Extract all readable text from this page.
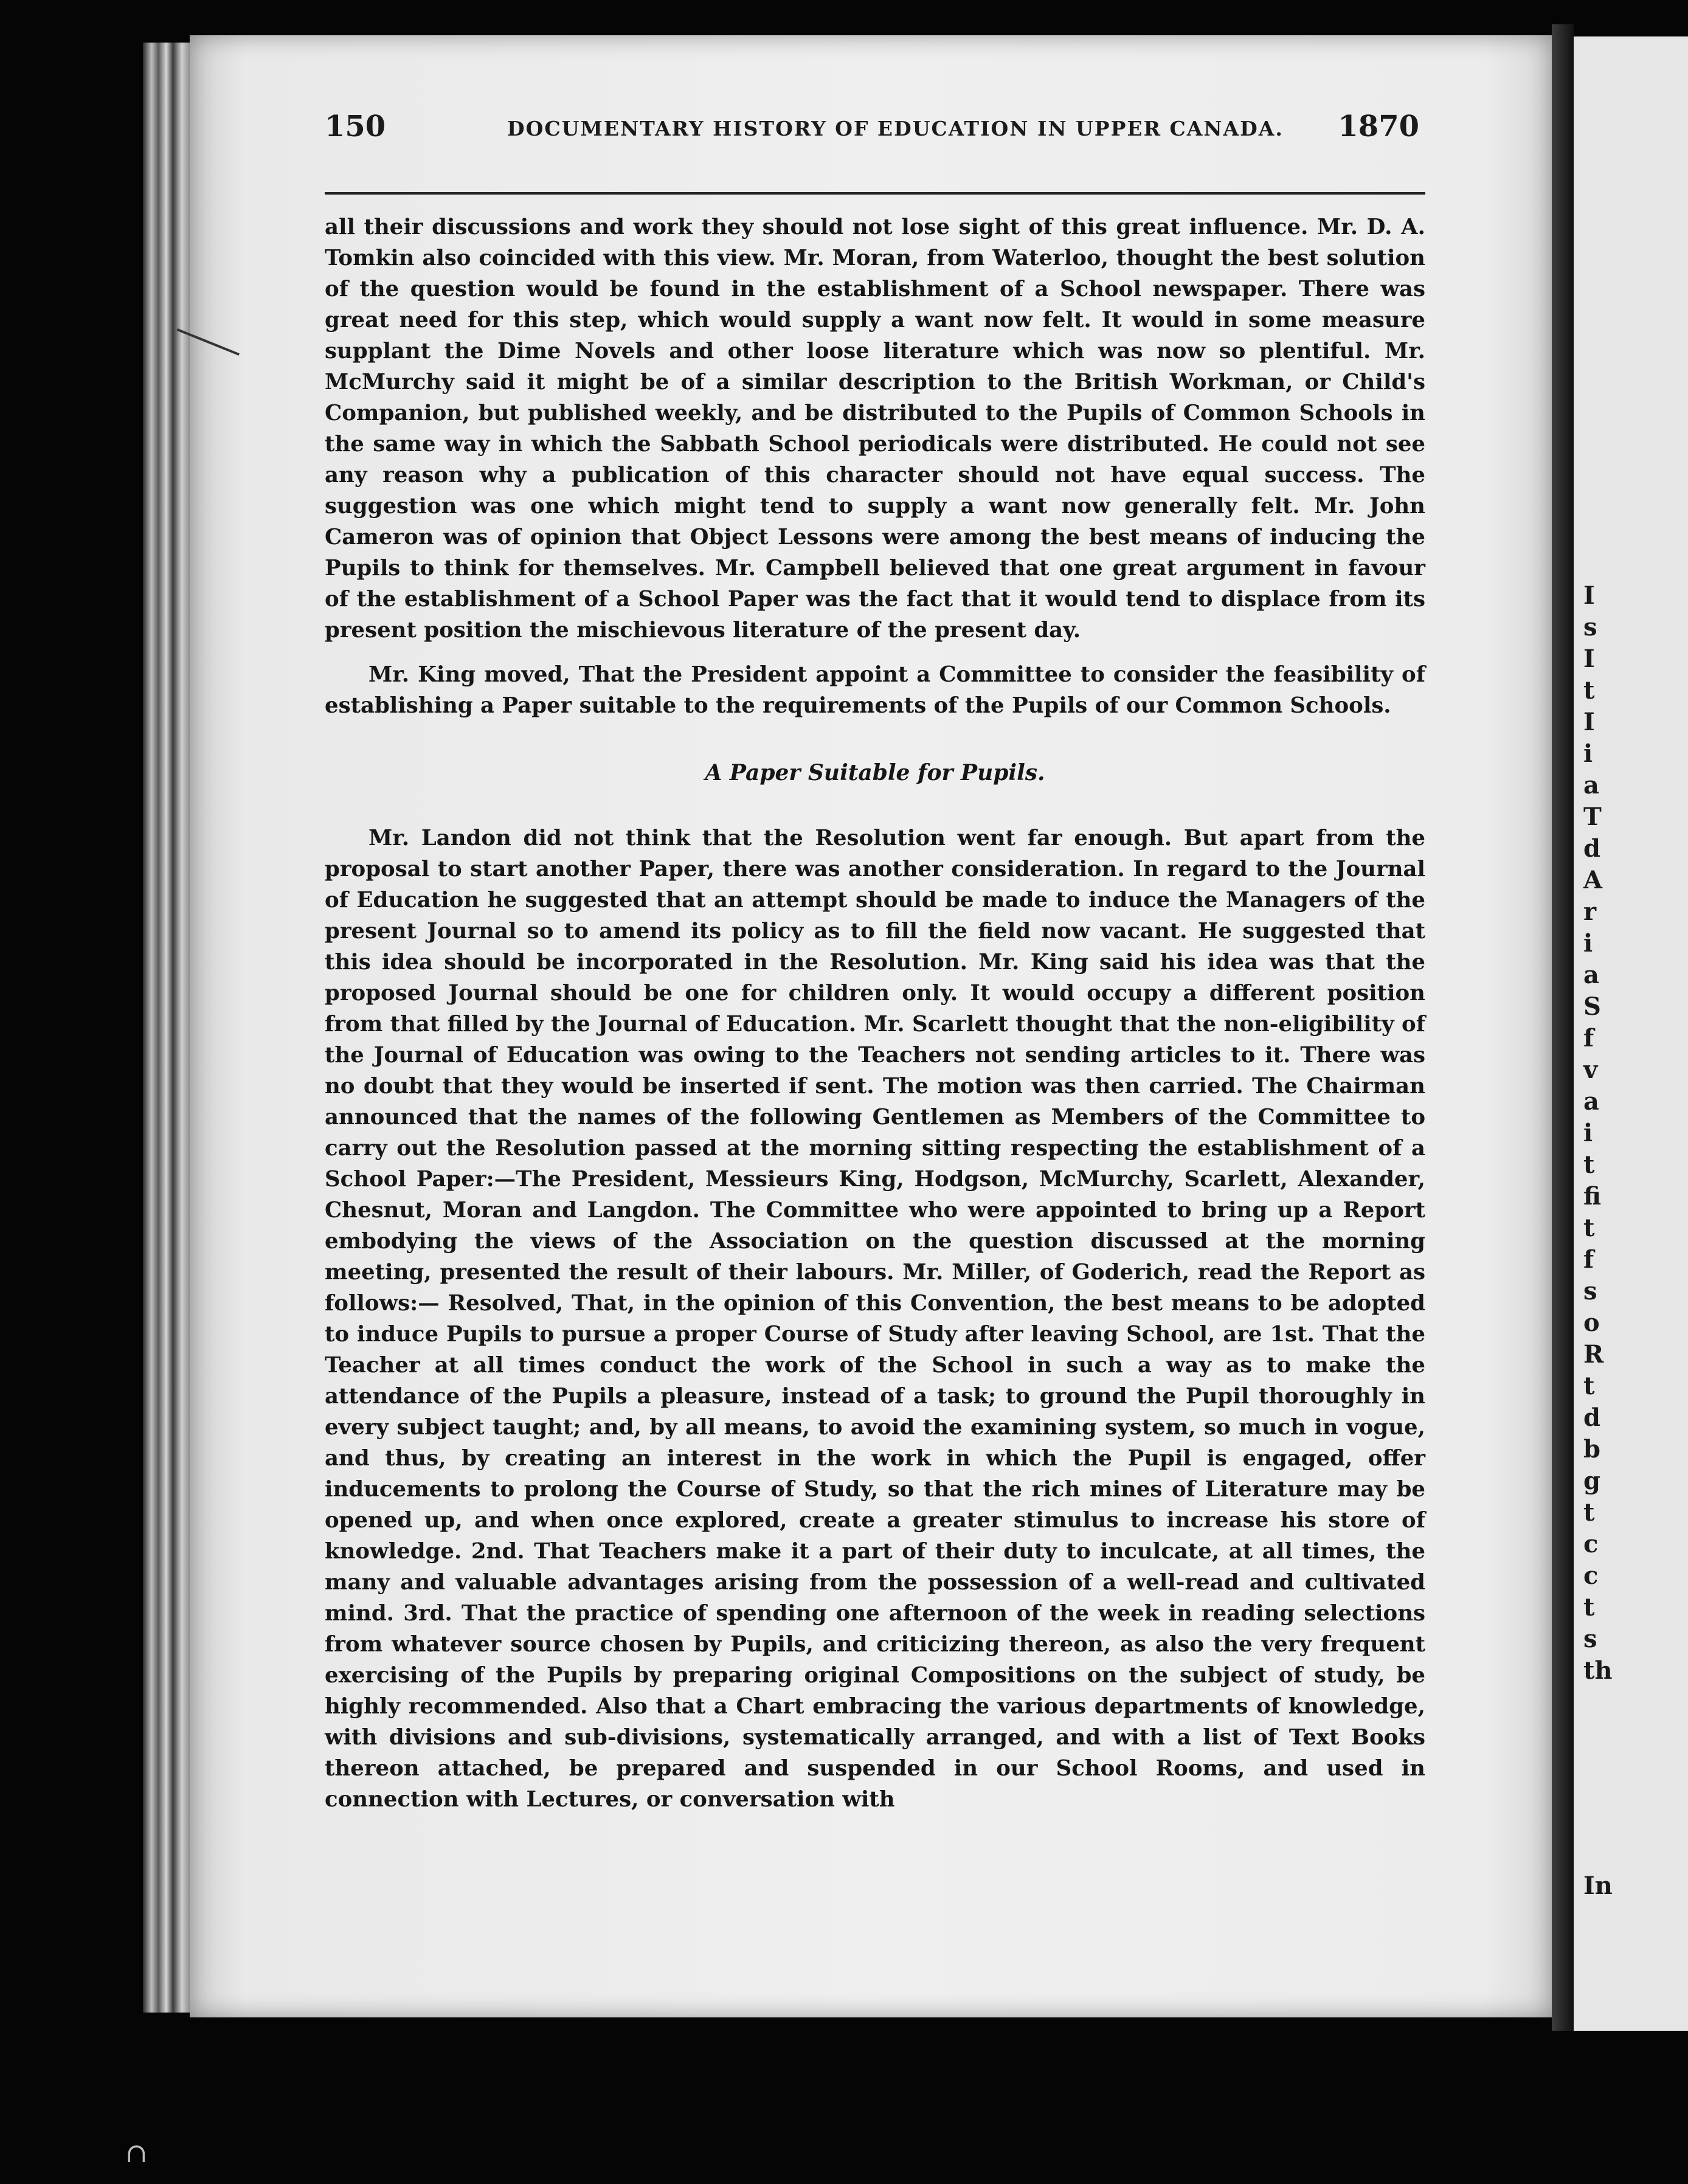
150	DOCUMENTARY HISTORY OF EDUCATION IN UPPER CANADA. 1870

all their discussions and work they should not lose sight of this great influence. Mr. D. A. Tomkin also coincided with this view. Mr. Moran, from Waterloo, thought the best solution of the question would be found in the establishment of a School newspaper. There was great need for this step, which would supply a want now felt. It would in some measure supplant the Dime Novels and other loose literature which was now so plentiful. Mr. McMurchy said it might be of a similar description to the British Workman, or Child's Companion, but published weekly, and be distributed to the Pupils of Common Schools in the same way in which the Sabbath School periodicals were distributed. He could not see any reason why a publication of this character should not have equal success. The suggestion was one which might tend to supply a want now generally felt. Mr. John Cameron was of opinion that Object Lessons were among the best means of inducing the Pupils to think for themselves. Mr. Campbell believed that one great argument in favour of the establishment of a School Paper was the fact that it would tend to displace from its present position the mischievous literature of the present day.

Mr. King moved, That the President appoint a Committee to consider the feasibility of establishing a Paper suitable to the requirements of the Pupils of our Common Schools.

A Paper Suitable for Pupils.

Mr. Landon did not think that the Resolution went far enough. But apart from the proposal to start another Paper, there was another consideration. In regard to the Journal of Education he suggested that an attempt should be made to induce the Managers of the present Journal so to amend its policy as to fill the field now vacant. He suggested that this idea should be incorporated in the Resolution. Mr. King said his idea was that the proposed Journal should be one for children only. It would occupy a different position from that filled by the Journal of Education. Mr. Scarlett thought that the non-eligibility of the Journal of Education was owing to the Teachers not sending articles to it. There was no doubt that they would be inserted if sent. The motion was then carried. The Chairman announced that the names of the following Gentlemen as Members of the Committee to carry out the Resolution passed at the morning sitting respecting the establishment of a School Paper:—The President, Messieurs King, Hodgson, McMurchy, Scarlett, Alexander, Chesnut, Moran and Langdon. The Committee who were appointed to bring up a Report embodying the views of the Association on the question discussed at the morning meeting, presented the result of their labours. Mr. Miller, of Goderich, read the Report as follows:— Resolved, That, in the opinion of this Convention, the best means to be adopted to induce Pupils to pursue a proper Course of Study after leaving School, are 1st. That the Teacher at all times conduct the work of the School in such a way as to make the attendance of the Pupils a pleasure, instead of a task; to ground the Pupil thoroughly in every subject taught; and, by all means, to avoid the examining system, so much in vogue, and thus, by creating an interest in the work in which the Pupil is engaged, offer inducements to prolong the Course of Study, so that the rich mines of Literature may be opened up, and when once explored, create a greater stimulus to increase his store of knowledge. 2nd. That Teachers make it a part of their duty to inculcate, at all times, the many and valuable advantages arising from the possession of a well-read and cultivated mind. 3rd. That the practice of spending one afternoon of the week in reading selections from whatever source chosen by Pupils, and criticizing thereon, as also the very frequent exercising of the Pupils by preparing original Compositions on the subject of study, be highly recommended. Also that a Chart embracing the various departments of knowledge, with divisions and sub-divisions, systematically arranged, and with a list of Text Books thereon attached, be prepared and suspended in our School Rooms, and used in connection with Lectures, or conversation with

I
s
I
t
I
i
a
T
d
A
r
i
a
S
f
v
a
i
t
fi
t
f
s
o
R
t
d
b
g
t
c
c
t
s
th
In
∩
